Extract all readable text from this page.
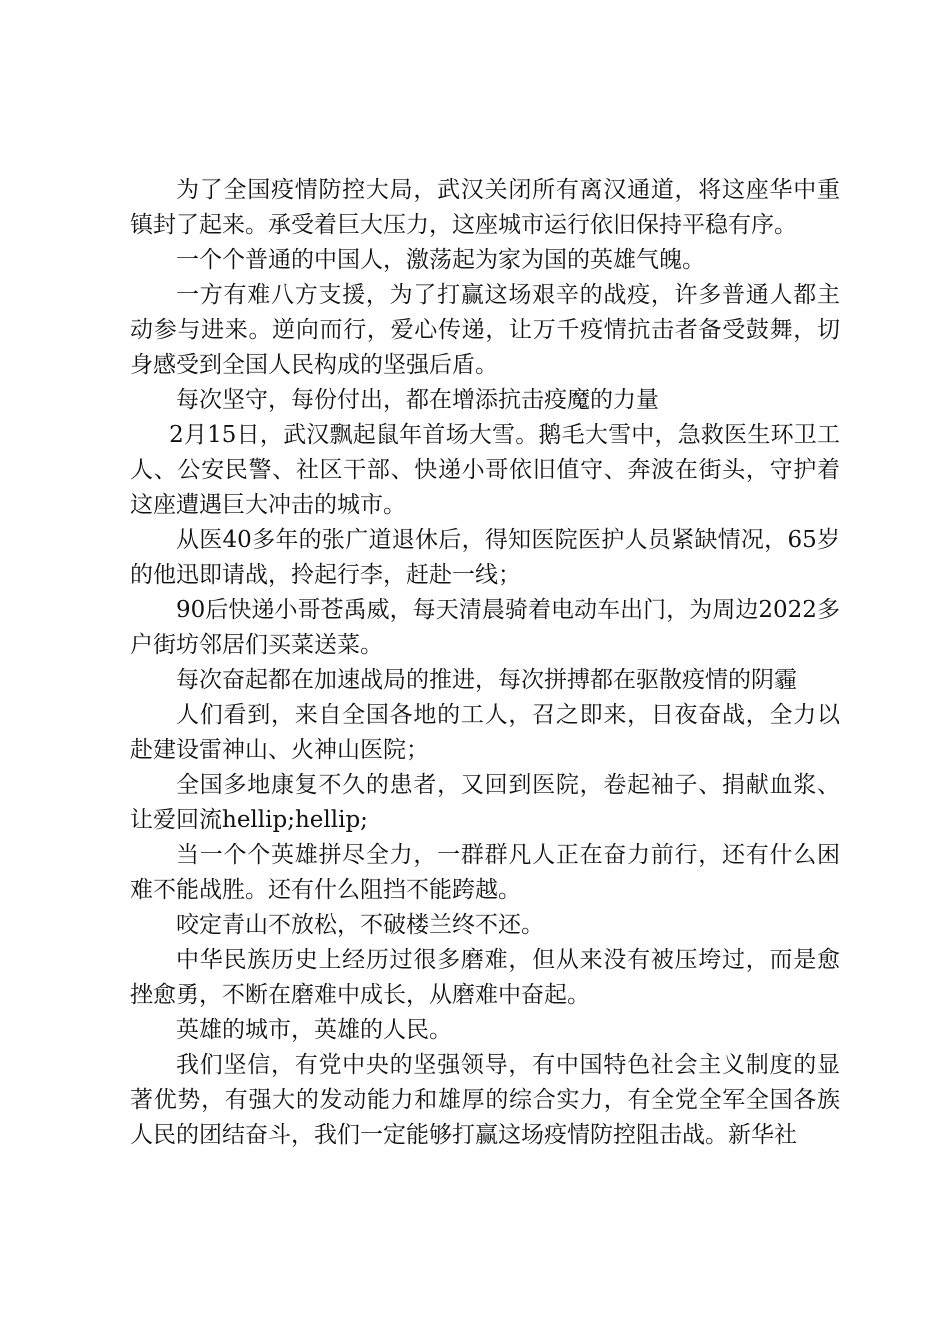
为了全国疫情防控大局，武汉关闭所有离汉通道，将这座华中重镇封了起来。承受着巨大压力，这座城市运行依旧保持平稳有序。

一个个普通的中国人，激荡起为家为国的英雄气魄。

一方有难八方支援，为了打赢这场艰辛的战疫，许多普通人都主动参与进来。逆向而行，爱心传递，让万千疫情抗击者备受鼓舞，切身感受到全国人民构成的坚强后盾。

每次坚守，每份付出，都在增添抗击疫魔的力量

2月15日，武汉飘起鼠年首场大雪。鹅毛大雪中，急救医生环卫工人、公安民警、社区干部、快递小哥依旧值守、奔波在街头，守护着这座遭遇巨大冲击的城市。

从医40多年的张广道退休后，得知医院医护人员紧缺情况，65岁的他迅即请战，拎起行李，赶赴一线；

90后快递小哥苍禹威，每天清晨骑着电动车出门，为周边2022多户街坊邻居们买菜送菜。

每次奋起都在加速战局的推进，每次拼搏都在驱散疫情的阴霾

人们看到，来自全国各地的工人，召之即来，日夜奋战，全力以赴建设雷神山、火神山医院；

全国多地康复不久的患者，又回到医院，卷起袖子、捐献血浆、让爱回流hellip;hellip;

当一个个英雄拼尽全力，一群群凡人正在奋力前行，还有什么困难不能战胜。还有什么阻挡不能跨越。

咬定青山不放松，不破楼兰终不还。

中华民族历史上经历过很多磨难，但从来没有被压垮过，而是愈挫愈勇，不断在磨难中成长，从磨难中奋起。

英雄的城市，英雄的人民。

我们坚信，有党中央的坚强领导，有中国特色社会主义制度的显著优势，有强大的发动能力和雄厚的综合实力，有全党全军全国各族人民的团结奋斗，我们一定能够打赢这场疫情防控阻击战。新华社
